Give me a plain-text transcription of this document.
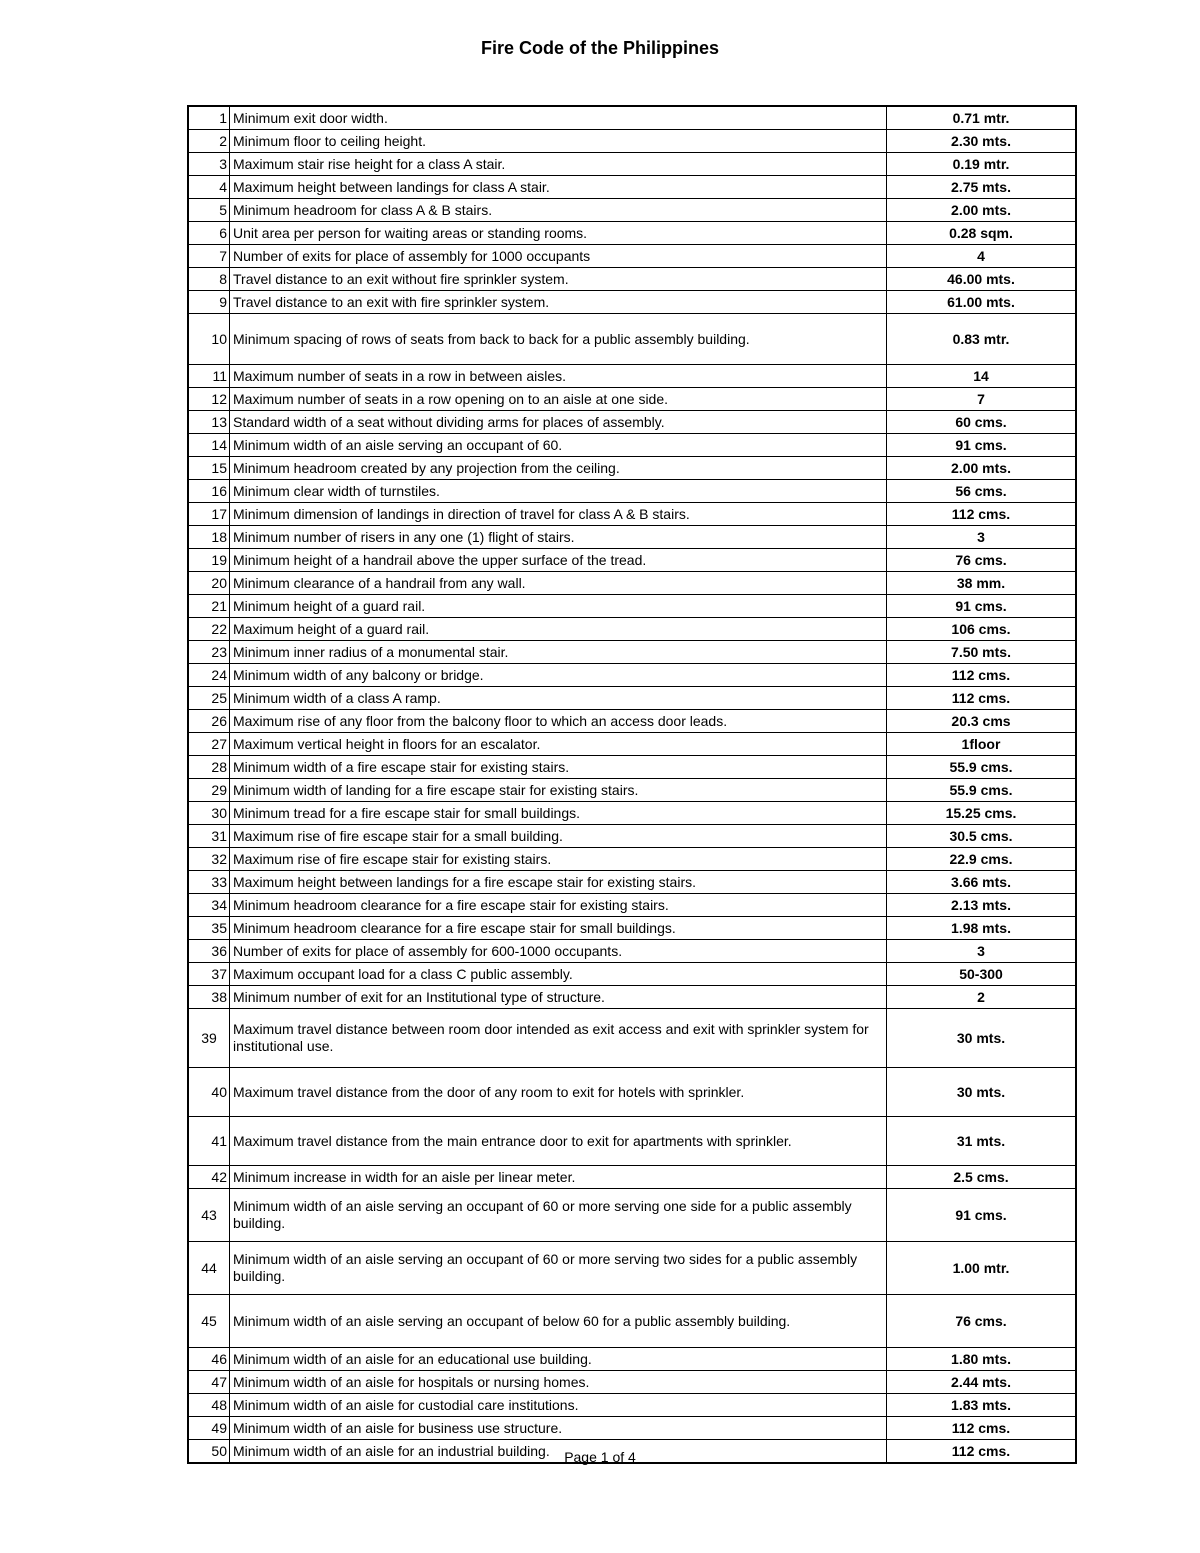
Fire Code of the Philippines
1	Minimum exit door width.	0.71 mtr.
2	Minimum floor to ceiling height.	2.30 mts.
3	Maximum stair rise height for a class A stair.	0.19 mtr.
4	Maximum height between landings for class A stair.	2.75 mts.
5	Minimum headroom for class A & B stairs.	2.00 mts.
6	Unit area per person for waiting areas or standing rooms.	0.28 sqm.
7	Number of exits for place of assembly for 1000 occupants	4
8	Travel distance to an exit without fire sprinkler system.	46.00 mts.
9	Travel distance to an exit with fire sprinkler system.	61.00 mts.
10	Minimum spacing of rows of seats from back to back for a public assembly building.	0.83 mtr.
11	Maximum number of seats in a row in between aisles.	14
12	Maximum number of seats in a row opening on to an aisle at one side.	7
13	Standard width of a seat without dividing arms for places of assembly.	60 cms.
14	Minimum width of an aisle serving an occupant of 60.	91 cms.
15	Minimum headroom created by any projection from the ceiling.	2.00 mts.
16	Minimum clear width of turnstiles.	56 cms.
17	Minimum dimension of landings in direction of travel for class A & B stairs.	112 cms.
18	Minimum number of risers in any one (1) flight of stairs.	3
19	Minimum height of a handrail above the upper surface of the tread.	76 cms.
20	Minimum clearance of a handrail from any wall.	38 mm.
21	Minimum height of a guard rail.	91 cms.
22	Maximum height of a guard rail.	106 cms.
23	Minimum inner radius of a monumental stair.	7.50 mts.
24	Minimum width of any balcony or bridge.	112 cms.
25	Minimum width of a class A ramp.	112 cms.
26	Maximum rise of any floor from the balcony floor to which an access door leads.	20.3 cms
27	Maximum vertical height in floors for an escalator.	1floor
28	Minimum width of a fire escape stair for existing stairs.	55.9 cms.
29	Minimum width of landing for a fire escape stair for existing stairs.	55.9 cms.
30	Minimum tread for a fire escape stair for small buildings.	15.25 cms.
31	Maximum rise of fire escape stair for a small building.	30.5 cms.
32	Maximum rise of fire escape stair for existing stairs.	22.9 cms.
33	Maximum height between landings for a fire escape stair for existing stairs.	3.66 mts.
34	Minimum headroom clearance for a fire escape stair for existing stairs.	2.13 mts.
35	Minimum headroom clearance for a fire escape stair for small buildings.	1.98 mts.
36	Number of exits for place of assembly for 600-1000 occupants.	3
37	Maximum occupant load for a class C public assembly.	50-300
38	Minimum number of exit for an Institutional type of structure.	2
39	Maximum travel distance between room door intended as exit access and exit with sprinkler system for institutional use.	30 mts.
40	Maximum travel distance from the door of any room to exit for hotels with sprinkler.	30 mts.
41	Maximum travel distance from the main entrance door to exit for apartments with sprinkler.	31 mts.
42	Minimum increase in width for an aisle per linear meter.	2.5 cms.
43	Minimum width of an aisle serving an occupant of 60 or more serving one side for a public assembly building.	91 cms.
44	Minimum width of an aisle serving an occupant of 60 or more serving two sides for a public assembly building.	1.00 mtr.
45	Minimum width of an aisle serving an occupant of below 60 for a public assembly building.	76 cms.
46	Minimum width of an aisle for an educational use building.	1.80 mts.
47	Minimum width of an aisle for hospitals or nursing homes.	2.44 mts.
48	Minimum width of an aisle for custodial care institutions.	1.83 mts.
49	Minimum width of an aisle for business use structure.	112 cms.
50	Minimum width of an aisle for an industrial building.	112 cms.
Page 1 of 4
